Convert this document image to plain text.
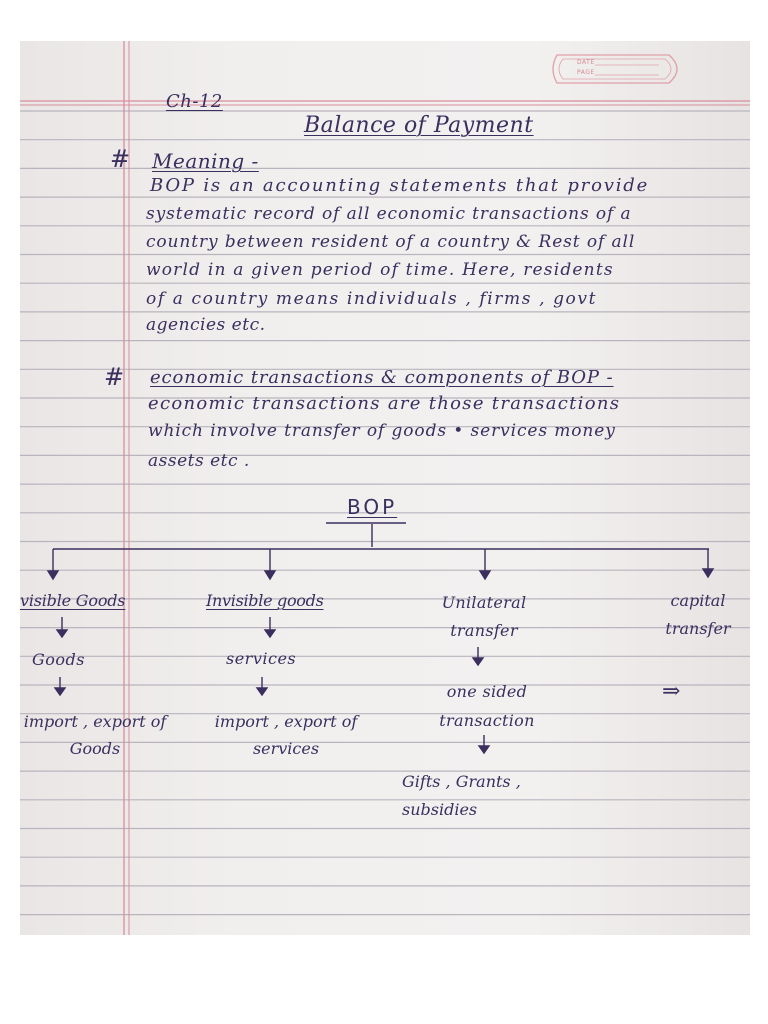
DATE
PAGE
Ch-12
Balance of Payment
# Meaning -
BOP is an accounting statements that provide
systematic record of all economic transactions of a
country between resident of a country & Rest of all
world in a given period of time. Here, residents
of a country means individuals , firms , govt
agencies etc.
# economic transactions & components of BOP -
economic transactions are those transactions
which involve transfer of goods • services money
assets etc .
BOP
visible Goods
Goods
import , export of Goods
Invisible goods
services
import , export of services
Unilateral transfer
one sided transaction
Gifts , Grants , subsidies
capital transfer
⇒
